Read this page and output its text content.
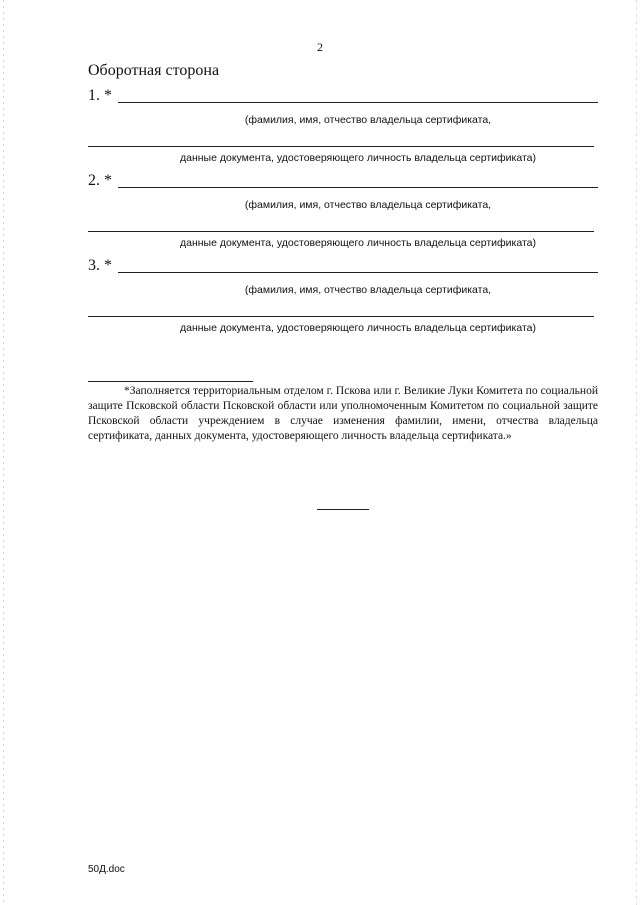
2
Оборотная сторона
1. *
(фамилия, имя, отчество владельца сертификата,
данные документа, удостоверяющего личность владельца сертификата)
2. *
(фамилия, имя, отчество владельца сертификата,
данные документа, удостоверяющего личность владельца сертификата)
3. *
(фамилия, имя, отчество владельца сертификата,
данные документа, удостоверяющего личность владельца сертификата)
*Заполняется территориальным отделом г. Пскова или г. Великие Луки Комитета по социальной защите Псковской области Псковской области или уполномоченным Комитетом по социальной защите Псковской области учреждением в случае изменения фамилии, имени, отчества владельца сертификата, данных документа, удостоверяющего личность владельца сертификата.»
50Д.doc
